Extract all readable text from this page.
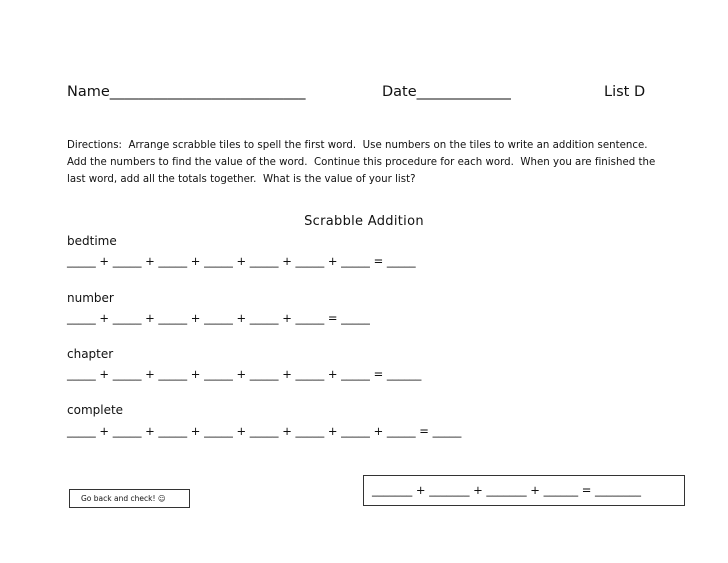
Name___________________________	Date_____________	List D
Directions:  Arrange scrabble tiles to spell the first word.  Use numbers on the tiles to write an addition sentence.
Add the numbers to find the value of the word.  Continue this procedure for each word.  When you are finished the
last word, add all the totals together.  What is the value of your list?
Scrabble Addition
bedtime
_____ + _____ + _____ + _____ + _____ + _____ + _____ = _____
number
_____ + _____ + _____ + _____ + _____ + _____ = _____
chapter
_____ + _____ + _____ + _____ + _____ + _____ + _____ = ______
complete
_____ + _____ + _____ + _____ + _____ + _____ + _____ + _____ = _____
_______ + _______ + _______ + ______ = ________
Go back and check! ☺
